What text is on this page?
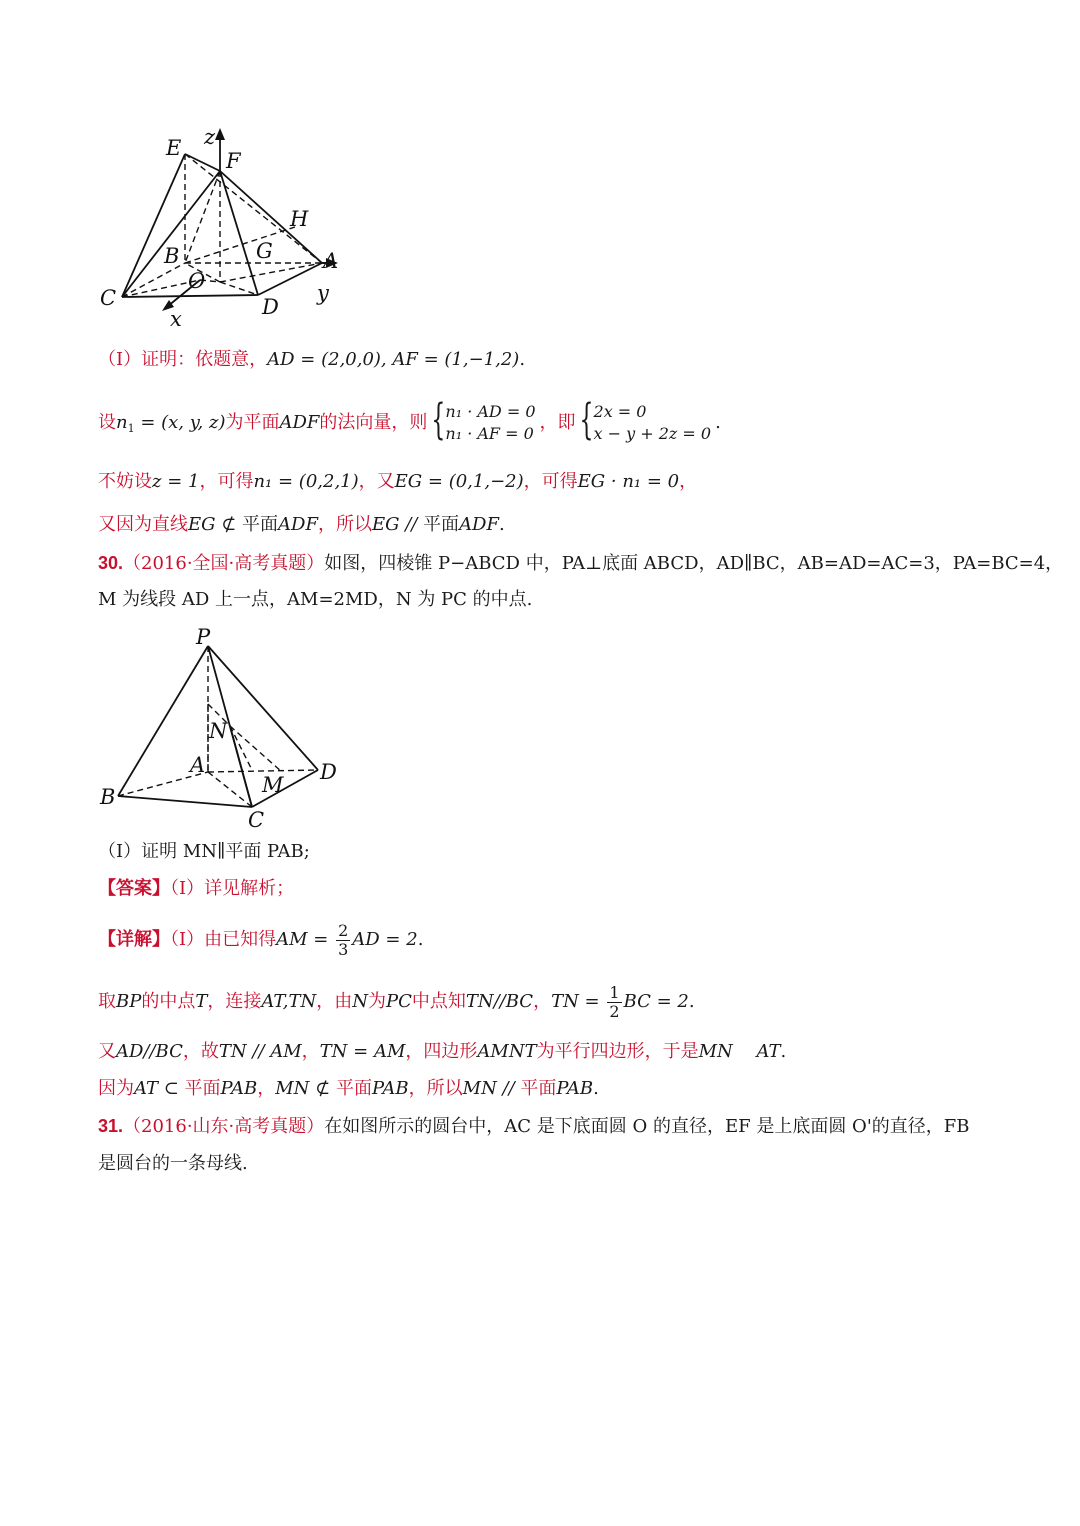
E z
F
H
B	G A
O	y
C	D
x
（Ⅰ）证明：依题意，AD = (2,0,0), AF = (1,−1,2).
设$n_1 = (x$, y, z)为平面ADF的法向量，则
{ n₁ · AD = 0
n₁ · AF = 0
，即
{ 2x = 0
x − y + 2z = 0
.
不妨设z = 1，可得n₁ = (0,2,1)，又EG = (0,1,−2)，可得EG · n₁ = 0，
又因为直线EG ⊄ 平面ADF，所以EG // 平面ADF.
30.（2016·全国·高考真题）如图，四棱锥 P−ABCD 中，PA⊥底面 ABCD，AD∥BC，AB=AD=AC=3，PA=BC=4，
M 为线段 AD 上一点，AM=2MD，N 为 PC 的中点.
P
N
A	D
M
B
C
（Ⅰ）证明 MN∥平面 PAB;
【答案】（Ⅰ）详见解析；
【详解】（Ⅰ）由已知得AM = $\frac{2}{3}$ AD = 2.
取BP的中点T，连接AT,TN，由N为PC中点知TN//BC，TN = $\frac{1}{2}$ BC = 2.
又AD//BC，故TN // AM，TN = AM，四边形AMNT为平行四边形，于是MN　 AT.
因为AT ⊂ 平面PAB，MN ⊄ 平面PAB，所以MN // 平面PAB.
31.（2016·山东·高考真题）在如图所示的圆台中，AC 是下底面圆 O 的直径，EF 是上底面圆 O'的直径，FB
是圆台的一条母线.
